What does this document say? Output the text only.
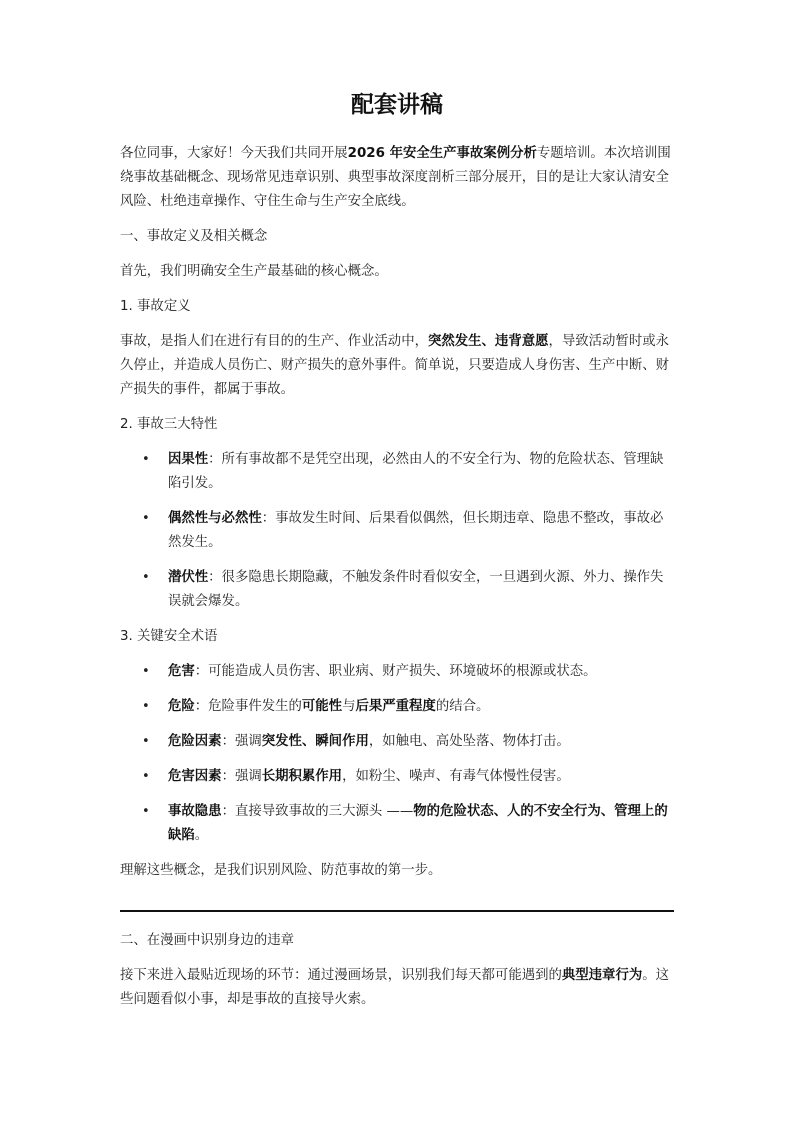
配套讲稿

各位同事，大家好！今天我们共同开展2026 年安全生产事故案例分析专题培训。本次培训围绕事故基础概念、现场常见违章识别、典型事故深度剖析三部分展开，目的是让大家认清安全风险、杜绝违章操作、守住生命与生产安全底线。

一、事故定义及相关概念

首先，我们明确安全生产最基础的核心概念。

1. 事故定义

事故，是指人们在进行有目的的生产、作业活动中，突然发生、违背意愿，导致活动暂时或永久停止，并造成人员伤亡、财产损失的意外事件。简单说，只要造成人身伤害、生产中断、财产损失的事件，都属于事故。

2. 事故三大特性

• 因果性：所有事故都不是凭空出现，必然由人的不安全行为、物的危险状态、管理缺陷引发。
• 偶然性与必然性：事故发生时间、后果看似偶然，但长期违章、隐患不整改，事故必然发生。
• 潜伏性：很多隐患长期隐藏，不触发条件时看似安全，一旦遇到火源、外力、操作失误就会爆发。

3. 关键安全术语

• 危害：可能造成人员伤害、职业病、财产损失、环境破坏的根源或状态。
• 危险：危险事件发生的可能性与后果严重程度的结合。
• 危险因素：强调突发性、瞬间作用，如触电、高处坠落、物体打击。
• 危害因素：强调长期积累作用，如粉尘、噪声、有毒气体慢性侵害。
• 事故隐患：直接导致事故的三大源头 ——物的危险状态、人的不安全行为、管理上的缺陷。

理解这些概念，是我们识别风险、防范事故的第一步。

二、在漫画中识别身边的违章

接下来进入最贴近现场的环节：通过漫画场景，识别我们每天都可能遇到的典型违章行为。这些问题看似小事，却是事故的直接导火索。
